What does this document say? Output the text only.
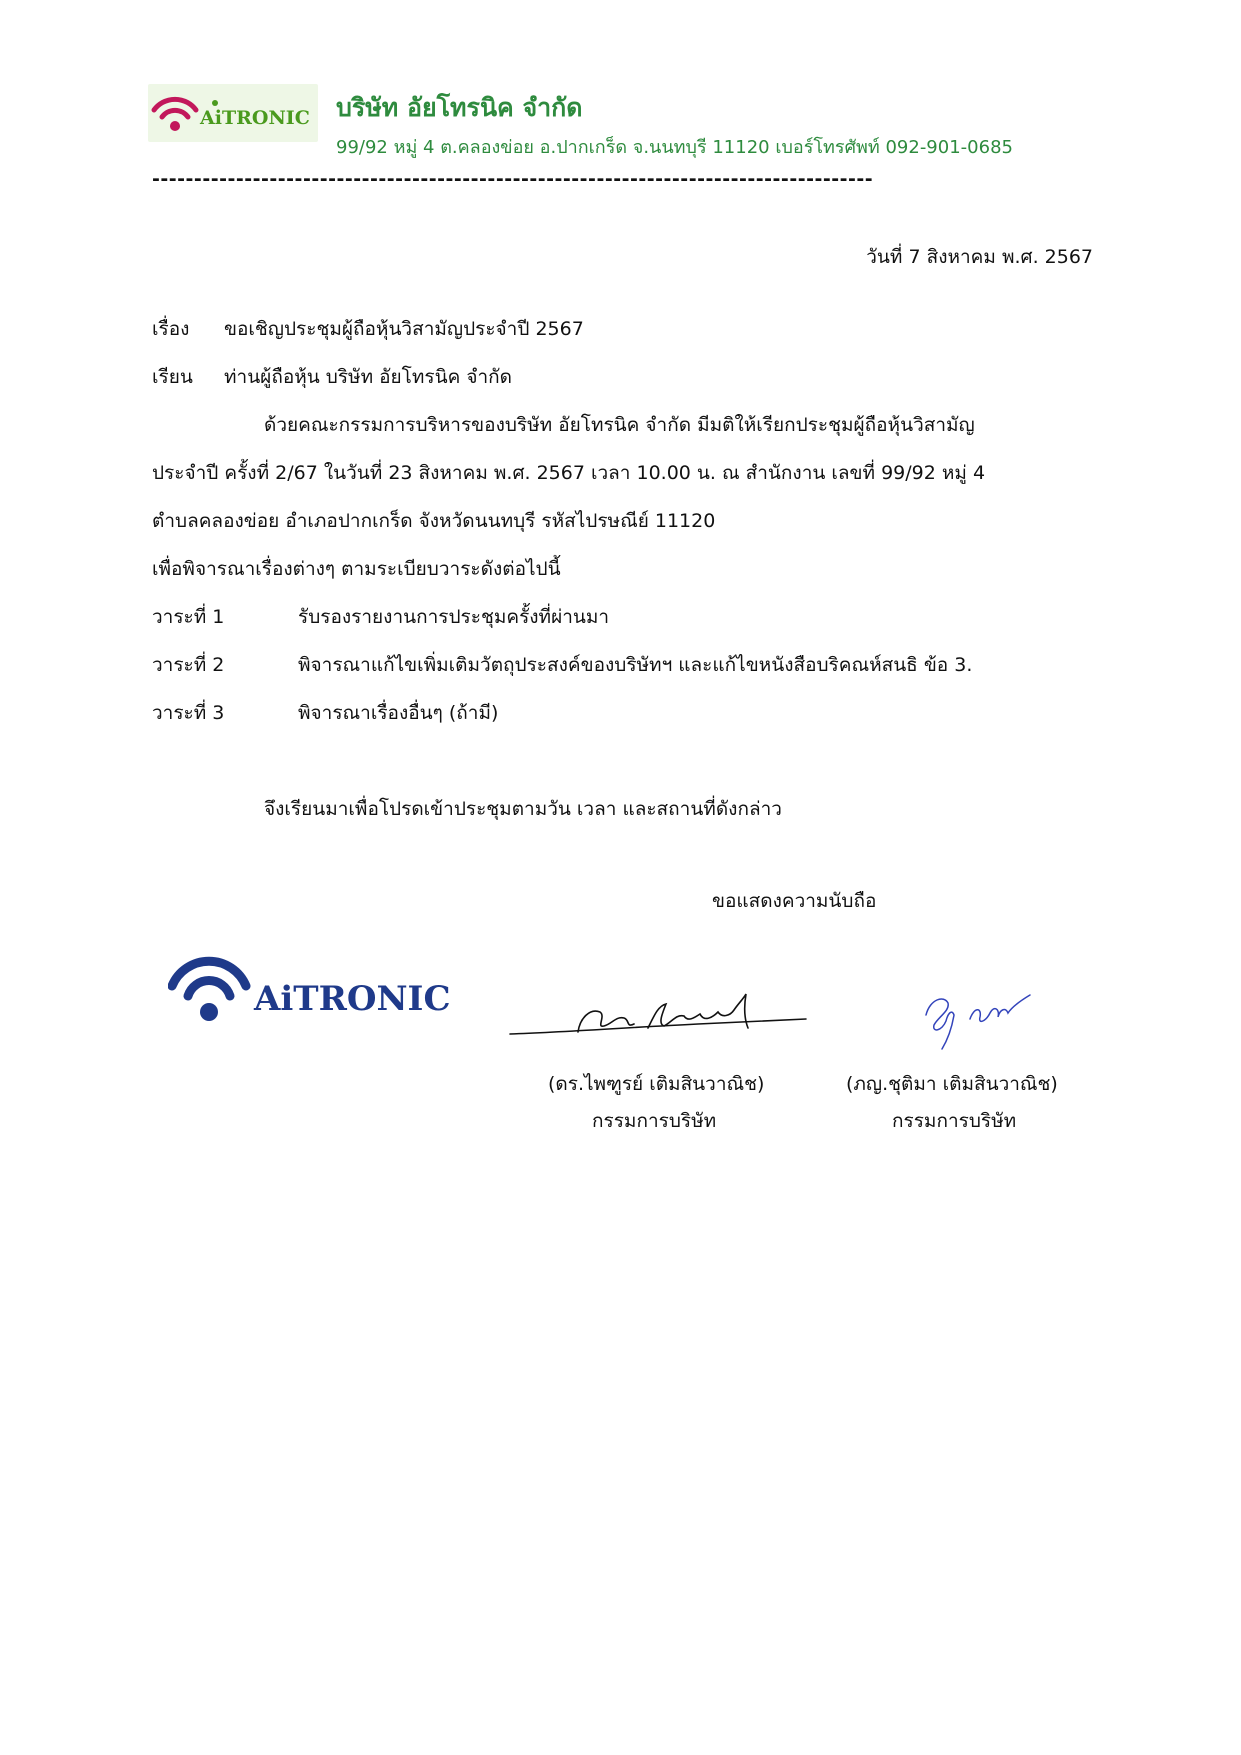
AiTRONIC บริษัท อัยโทรนิค จำกัด
99/92 หมู่ 4 ต.คลองข่อย อ.ปากเกร็ด จ.นนทบุรี 11120 เบอร์โทรศัพท์ 092-901-0685
--------------------------------------------------------------------------------------
วันที่ 7 สิงหาคม พ.ศ. 2567
เรื่อง ขอเชิญประชุมผู้ถือหุ้นวิสามัญประจำปี 2567
เรียน ท่านผู้ถือหุ้น บริษัท อัยโทรนิค จำกัด
ด้วยคณะกรรมการบริหารของบริษัท อัยโทรนิค จำกัด มีมติให้เรียกประชุมผู้ถือหุ้นวิสามัญ
ประจำปี ครั้งที่ 2/67 ในวันที่ 23 สิงหาคม พ.ศ. 2567 เวลา 10.00 น. ณ สำนักงาน เลขที่ 99/92 หมู่ 4
ตำบลคลองข่อย อำเภอปากเกร็ด จังหวัดนนทบุรี รหัสไปรษณีย์ 11120
เพื่อพิจารณาเรื่องต่างๆ ตามระเบียบวาระดังต่อไปนี้
วาระที่ 1	รับรองรายงานการประชุมครั้งที่ผ่านมา
วาระที่ 2	พิจารณาแก้ไขเพิ่มเติมวัตถุประสงค์ของบริษัทฯ และแก้ไขหนังสือบริคณห์สนธิ ข้อ 3.
วาระที่ 3	พิจารณาเรื่องอื่นๆ (ถ้ามี)
จึงเรียนมาเพื่อโปรดเข้าประชุมตามวัน เวลา และสถานที่ดังกล่าว
ขอแสดงความนับถือ
AiTRONIC
(ดร.ไพฑูรย์ เติมสินวาณิช)
กรรมการบริษัท
(ภญ.ชุติมา เติมสินวาณิช)
กรรมการบริษัท
